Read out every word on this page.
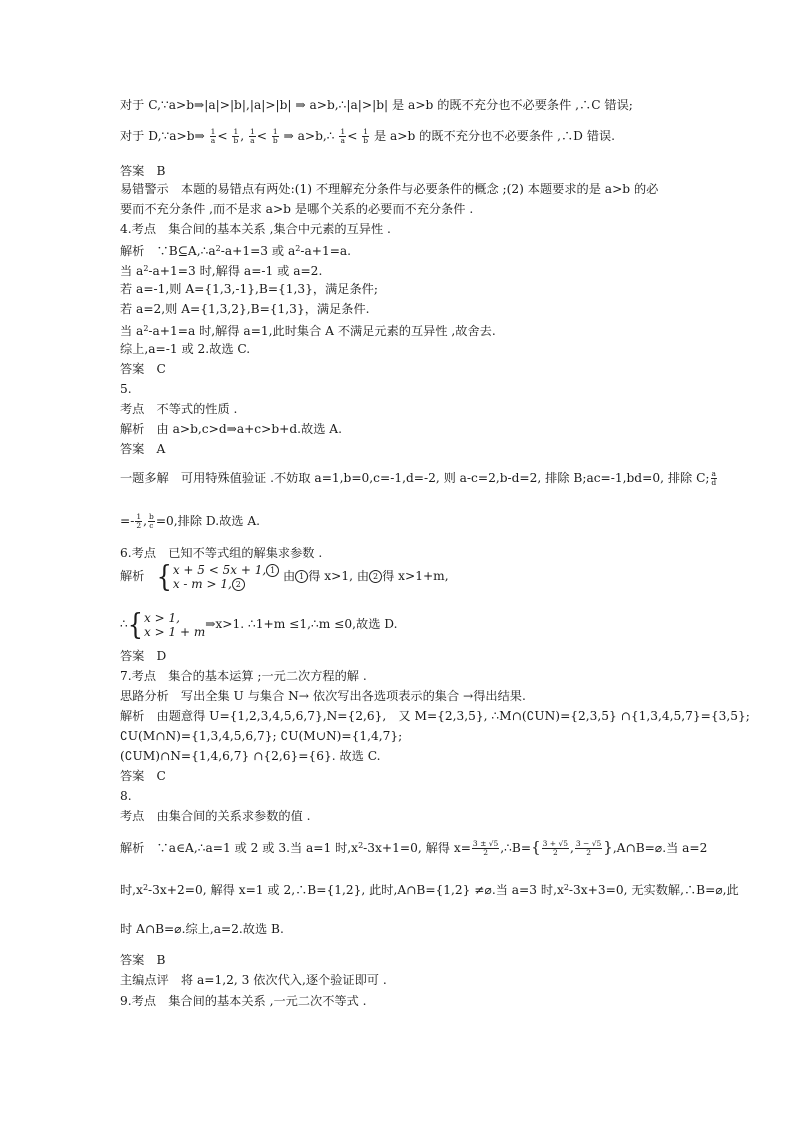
对于 C,∵a>b⇒|a|>|b|,|a|>|b| ⇒ a>b,∴|a|>|b| 是 a>b 的既不充分也不必要条件 ,∴C 错误;
对于 D,∵a>b⇒ $\frac{1}{a} < \frac{1}{b}$ , $\frac{1}{a} < \frac{1}{b}$ ⇒ a>b,∴ $\frac{1}{a} < \frac{1}{b}$ 是 a>b 的既不充分也不必要条件 ,∴D 错误.
答案　B
易错警示　本题的易错点有两处:(1) 不理解充分条件与必要条件的概念 ;(2) 本题要求的是 a>b 的必
要而不充分条件 ,而不是求 a>b 是哪个关系的必要而不充分条件 .
4.考点　集合间的基本关系 ,集合中元素的互异性 .
解析　$\because B⊆A,\therefore a^2-a+1=3$ 或 $a^2-a+1=a$.
当 $a^2-a+1=3$ 时,解得 a=-1 或 a=2.
若 a=-1,则 A={1,3,-1},B={1,3}，满足条件;
若 a=2,则 A={1,3,2},B={1,3}，满足条件.
当 $a^2-a+1=a$ 时,解得 a=1,此时集合 A 不满足元素的互异性 ,故舍去.
综上,a=-1 或 2.故选 C.
答案　C
5.
考点　不等式的性质 .
解析　由 a>b,c>d⇒a+c>b+d.故选 A.
答案　A
一题多解　可用特殊值验证 .不妨取 a=1,b=0,c=-1,d=-2, 则 a-c=2,b-d=2, 排除 B;ac=-1,bd=0, 排除 C; $\frac{a}{d}$
=- $\frac{1}{2}$ , $\frac{b}{c} =0$,排除 D.故选 A.
6.考点　已知不等式组的解集求参数 .
解析　{ x + 5 < 5x + 1, 1
x - m > 1, 2
由 1 得 x>1, 由 2 得 x>1+m,
∴{ x > 1,
x > 1 + m
⇒x>1. ∴1+m ≤1,∴m ≤0,故选 D.
答案　D
7.考点　集合的基本运算 ;一元二次方程的解 .
思路分析　写出全集 U 与集合 N→ 依次写出各选项表示的集合 →得出结果.
解析　由题意得 U={1,2,3,4,5,6,7},N={2,6},　又 M={2,3,5}, ∴M∩(∁UN)={2,3,5} ∩{1,3,4,5,7}={3,5};
∁U(M∩N)={1,3,4,5,6,7}; ∁U(M∪N)={1,4,7};
(∁UM)∩N={1,4,6,7} ∩{2,6}={6}. 故选 C.
答案　C
8.
考点　由集合间的关系求参数的值 .
解析　∵a∈A,∴a=1 或 2 或 3.当 a=1 时$,x^2-3x+1=0$, 解得 $x= \frac{3 \pm √5}{2}$ ,∴B={ $\frac{3 + √5}{2}$ , $\frac{3 - √5}{2}$ },A∩B=⌀.当 a=2
时$,x^2-3x+2=0$, 解得 x=1 或 2,∴B={1,2}, 此时,A∩B={1,2} ≠⌀.当 a=3 时$,x^2-3x+3=0$, 无实数解,∴B=⌀,此
时 A∩B=⌀.综上,a=2.故选 B.
答案　B
主编点评　将 a=1,2, 3 依次代入,逐个验证即可 .
9.考点　集合间的基本关系 ,一元二次不等式 .
